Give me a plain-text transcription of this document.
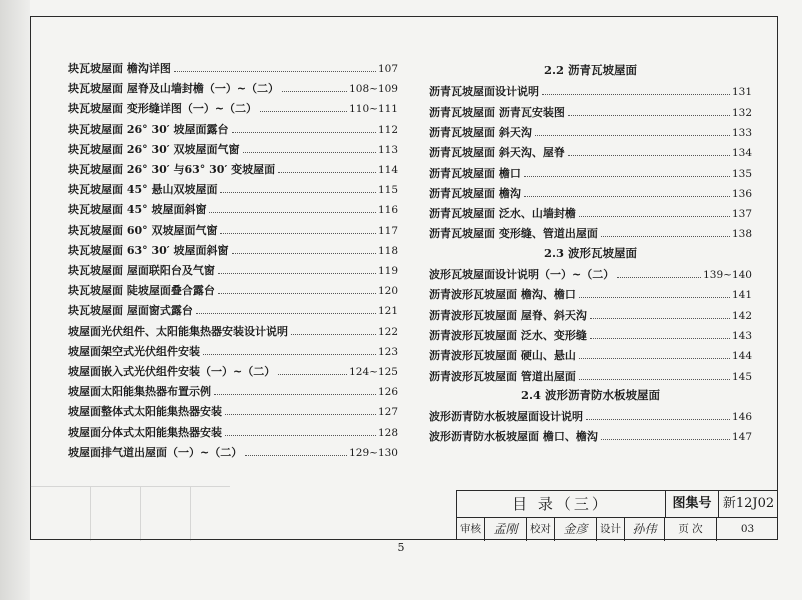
块瓦坡屋面 檐沟详图	107
块瓦坡屋面 屋脊及山墙封檐（一）~（二）	108~109
块瓦坡屋面 变形缝详图（一）~（二）	110~111
块瓦坡屋面 26° 30′ 坡屋面露台	112
块瓦坡屋面 26° 30′ 双坡屋面气窗	113
块瓦坡屋面 26° 30′ 与63° 30′ 变坡屋面	114
块瓦坡屋面 45° 悬山双坡屋面	115
块瓦坡屋面 45° 坡屋面斜窗	116
块瓦坡屋面 60° 双坡屋面气窗	117
块瓦坡屋面 63° 30′ 坡屋面斜窗	118
块瓦坡屋面 屋面联阳台及气窗	119
块瓦坡屋面 陡坡屋面叠合露台	120
块瓦坡屋面 屋面窗式露台	121
坡屋面光伏组件、太阳能集热器安装设计说明	122
坡屋面架空式光伏组件安装	123
坡屋面嵌入式光伏组件安装（一）~（二）	124~125
坡屋面太阳能集热器布置示例	126
坡屋面整体式太阳能集热器安装	127
坡屋面分体式太阳能集热器安装	128
坡屋面排气道出屋面（一）~（二）	129~130
2.2 沥青瓦坡屋面
沥青瓦坡屋面设计说明	131
沥青瓦坡屋面 沥青瓦安装图	132
沥青瓦坡屋面 斜天沟	133
沥青瓦坡屋面 斜天沟、屋脊	134
沥青瓦坡屋面 檐口	135
沥青瓦坡屋面 檐沟	136
沥青瓦坡屋面 泛水、山墙封檐	137
沥青瓦坡屋面 变形缝、管道出屋面	138
2.3 波形瓦坡屋面
波形瓦坡屋面设计说明（一）~（二）	139~140
沥青波形瓦坡屋面 檐沟、檐口	141
沥青波形瓦坡屋面 屋脊、斜天沟	142
沥青波形瓦坡屋面 泛水、变形缝	143
沥青波形瓦坡屋面 硬山、悬山	144
沥青波形瓦坡屋面 管道出屋面	145
2.4 波形沥青防水板坡屋面
波形沥青防水板坡屋面设计说明	146
波形沥青防水板坡屋面 檐口、檐沟	147
目 录（三）	图集号 新12J02
审核	孟刚	校对	金彦	设计 孙伟	页 次	03
5
